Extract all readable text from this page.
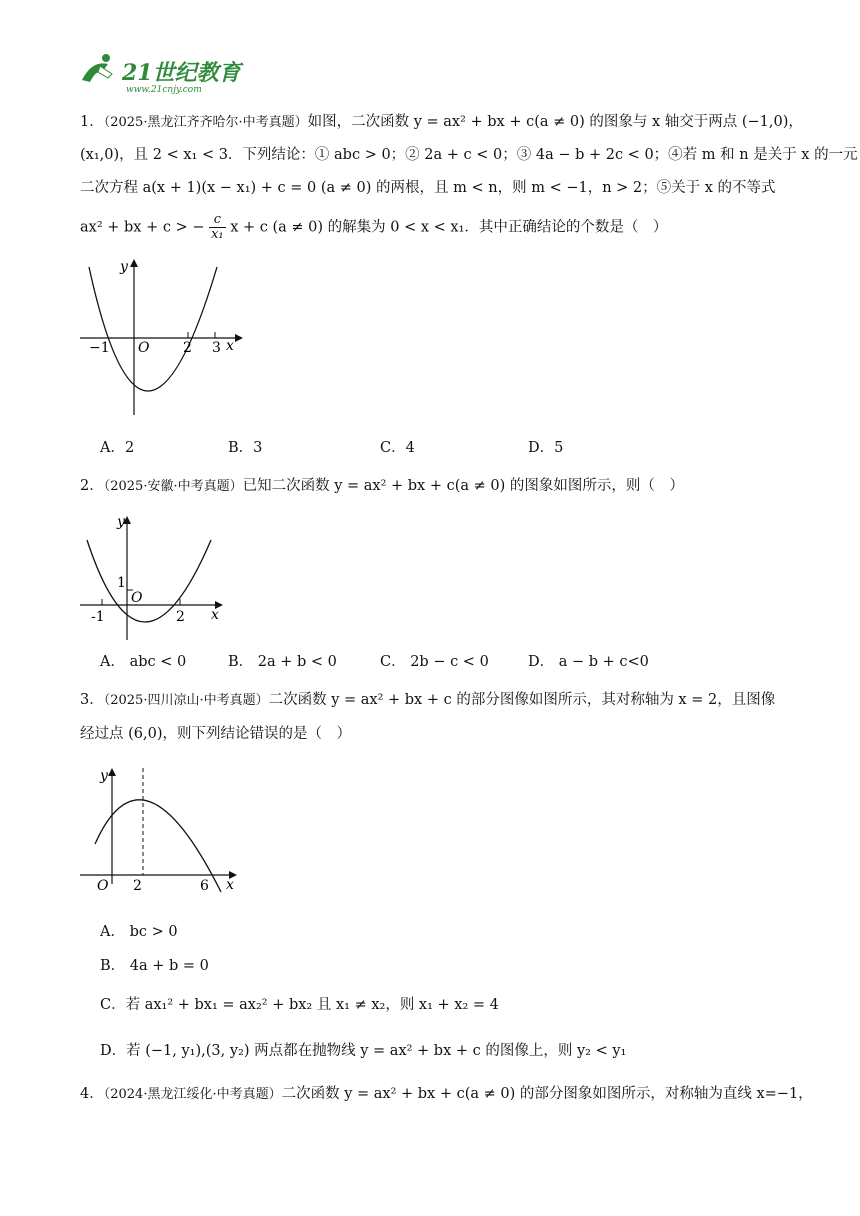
21世纪教育
www.21cnjy.com
1．（2025·黑龙江齐齐哈尔·中考真题）如图，二次函数 y = ax² + bx + c(a ≠ 0) 的图象与 x 轴交于两点 (−1,0)，
(x₁,0)，且 2 < x₁ < 3．下列结论：① abc > 0；② 2a + c < 0；③ 4a − b + 2c < 0；④若 m 和 n 是关于 x 的一元
二次方程 a(x + 1)(x − x₁) + c = 0 (a ≠ 0) 的两根，且 m < n，则 m < −1，n > 2；⑤关于 x 的不等式
ax² + bx + c > − $\frac{c}{\text{x₁}}$ x + c (a ≠ 0) 的解集为 0 < x < x₁．其中正确结论的个数是（　）
y
x
O
−1	2 3
A．2	B．3	C．4	D．5
2．（2025·安徽·中考真题）已知二次函数 y = ax² + bx + c(a ≠ 0) 的图象如图所示，则（　）
y
x
O
1
-1	2
A． abc < 0	B． 2a + b < 0	C． 2b − c < 0	D． a − b + c<0
3．（2025·四川凉山·中考真题）二次函数 y = ax² + bx + c 的部分图像如图所示，其对称轴为 x = 2，且图像
经过点 (6,0)，则下列结论错误的是（　）
y
x
O 2	6
A． bc > 0
B． 4a + b = 0
C．若 ax₁² + bx₁ = ax₂² + bx₂ 且 x₁ ≠ x₂，则 x₁ + x₂ = 4
D．若 (−1, y₁),(3, y₂) 两点都在抛物线 y = ax² + bx + c 的图像上，则 y₂ < y₁
4．（2024·黑龙江绥化·中考真题）二次函数 y = ax² + bx + c(a ≠ 0) 的部分图象如图所示，对称轴为直线 x=−1，
